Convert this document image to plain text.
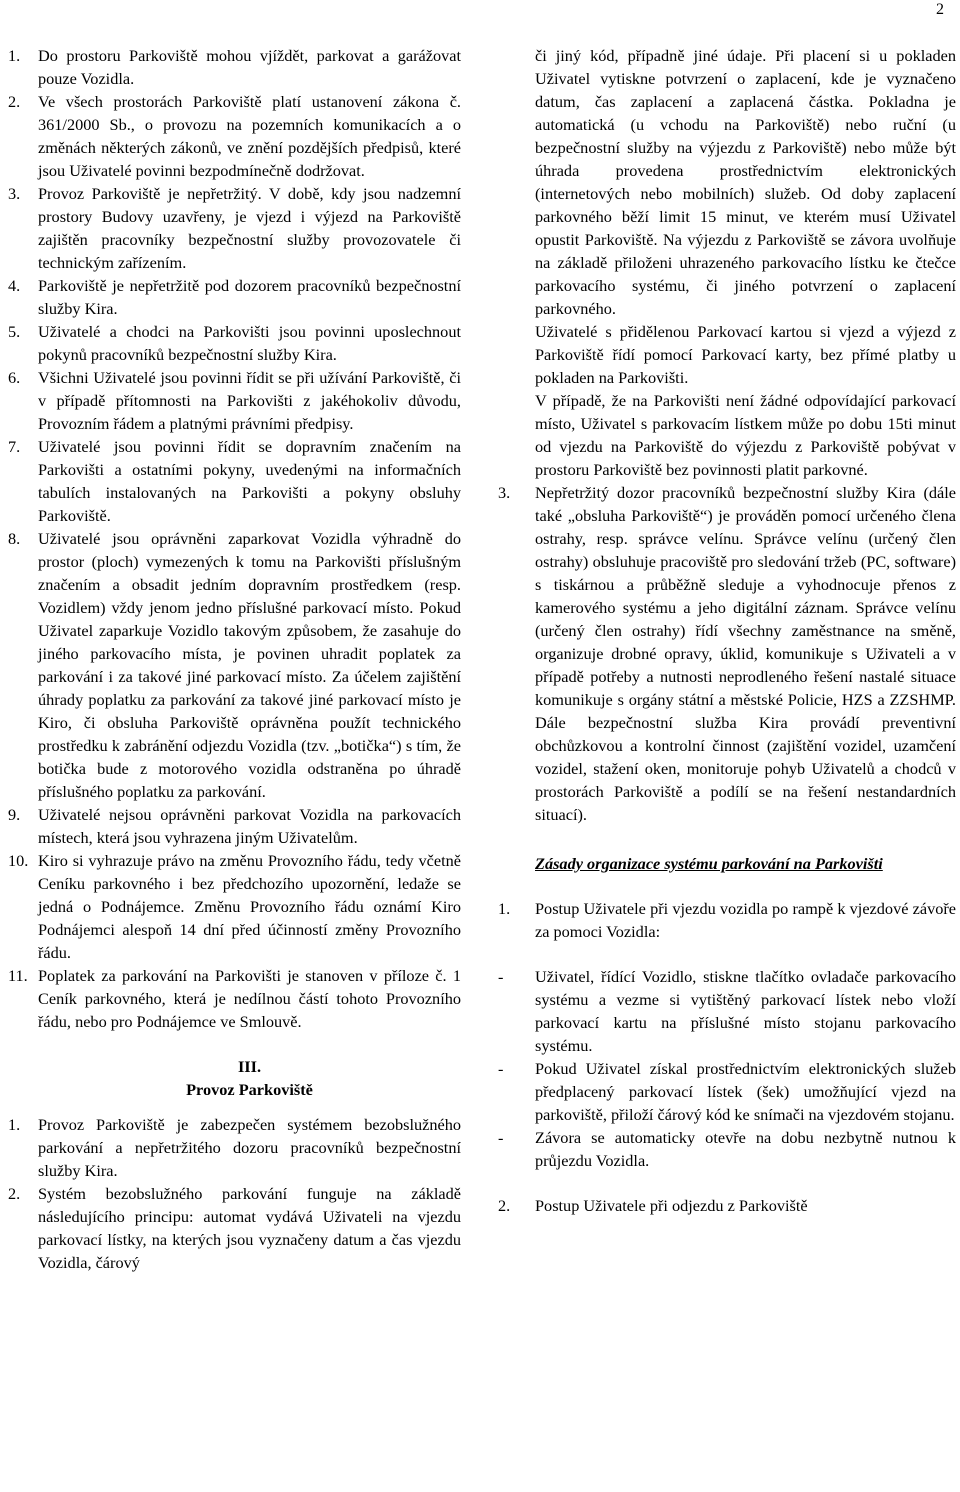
2
1. Do prostoru Parkoviště mohou vjíždět, parkovat a garážovat pouze Vozidla.
2. Ve všech prostorách Parkoviště platí ustanovení zákona č. 361/2000 Sb., o provozu na pozemních komunikacích a o změnách některých zákonů, ve znění pozdějších předpisů, které jsou Uživatelé povinni bezpodmínečně dodržovat.
3. Provoz Parkoviště je nepřetržitý. V době, kdy jsou nadzemní prostory Budovy uzavřeny, je vjezd i výjezd na Parkoviště zajištěn pracovníky bezpečnostní služby provozovatele či technickým zařízením.
4. Parkoviště je nepřetržitě pod dozorem pracovníků bezpečnostní služby Kira.
5. Uživatelé a chodci na Parkovišti jsou povinni uposlechnout pokynů pracovníků bezpečnostní služby Kira.
6. Všichni Uživatelé jsou povinni řídit se při užívání Parkoviště, či v případě přítomnosti na Parkovišti z jakéhokoliv důvodu, Provozním řádem a platnými právními předpisy.
7. Uživatelé jsou povinni řídit se dopravním značením na Parkovišti a ostatními pokyny, uvedenými na informačních tabulích instalovaných na Parkovišti a pokyny obsluhy Parkoviště.
8. Uživatelé jsou oprávněni zaparkovat Vozidla výhradně do prostor (ploch) vymezených k tomu na Parkovišti příslušným značením a obsadit jedním dopravním prostředkem (resp. Vozidlem) vždy jenom jedno příslušné parkovací místo. Pokud Uživatel zaparkuje Vozidlo takovým způsobem, že zasahuje do jiného parkovacího místa, je povinen uhradit poplatek za parkování i za takové jiné parkovací místo. Za účelem zajištění úhrady poplatku za parkování za takové jiné parkovací místo je Kiro, či obsluha Parkoviště oprávněna použít technického prostředku k zabránění odjezdu Vozidla (tzv. „botička“) s tím, že botička bude z motorového vozidla odstraněna po úhradě příslušného poplatku za parkování.
9. Uživatelé nejsou oprávněni parkovat Vozidla na parkovacích místech, která jsou vyhrazena jiným Uživatelům.
10. Kiro si vyhrazuje právo na změnu Provozního řádu, tedy včetně Ceníku parkovného i bez předchozího upozornění, ledaže se jedná o Podnájemce. Změnu Provozního řádu oznámí Kiro Podnájemci alespoň 14 dní před účinností změny Provozního řádu.
11. Poplatek za parkování na Parkovišti je stanoven v příloze č. 1 Ceník parkovného, která je nedílnou částí tohoto Provozního řádu, nebo pro Podnájemce ve Smlouvě.
III.
Provoz Parkoviště
1. Provoz Parkoviště je zabezpečen systémem bezobslužného parkování a nepřetržitého dozoru pracovníků bezpečnostní služby Kira.
2. Systém bezobslužného parkování funguje na základě následujícího principu: automat vydává Uživateli na vjezdu parkovací lístky, na kterých jsou vyznačeny datum a čas vjezdu Vozidla, čárový
či jiný kód, případně jiné údaje. Při placení si u pokladen Uživatel vytiskne potvrzení o zaplacení, kde je vyznačeno datum, čas zaplacení a zaplacená částka. Pokladna je automatická (u vchodu na Parkoviště) nebo ruční (u bezpečnostní služby na výjezdu z Parkoviště) nebo může být úhrada provedena prostřednictvím elektronických (internetových nebo mobilních) služeb. Od doby zaplacení parkovného běží limit 15 minut, ve kterém musí Uživatel opustit Parkoviště. Na výjezdu z Parkoviště se závora uvolňuje na základě přiloženi uhrazeného parkovacího lístku ke čtečce parkovacího systému, či jiného potvrzení o zaplacení parkovného.
Uživatelé s přidělenou Parkovací kartou si vjezd a výjezd z Parkoviště řídí pomocí Parkovací karty, bez přímé platby u pokladen na Parkovišti.
V případě, že na Parkovišti není žádné odpovídající parkovací místo, Uživatel s parkovacím lístkem může po dobu 15ti minut od vjezdu na Parkoviště do výjezdu z Parkoviště pobývat v prostoru Parkoviště bez povinnosti platit parkovné.
3. Nepřetržitý dozor pracovníků bezpečnostní služby Kira (dále také „obsluha Parkoviště“) je prováděn pomocí určeného člena ostrahy, resp. správce velínu. Správce velínu (určený člen ostrahy) obsluhuje pracoviště pro sledování tržeb (PC, software) s tiskárnou a průběžně sleduje a vyhodnocuje přenos z kamerového systému a jeho digitální záznam. Správce velínu (určený člen ostrahy) řídí všechny zaměstnance na směně, organizuje drobné opravy, úklid, komunikuje s Uživateli a v případě potřeby a nutnosti neprodleného řešení nastalé situace komunikuje s orgány státní a městské Policie, HZS a ZZSHMP. Dále bezpečnostní služba Kira provádí preventivní obchůzkovou a kontrolní činnost (zajištění vozidel, uzamčení vozidel, stažení oken, monitoruje pohyb Uživatelů a chodců v prostorách Parkoviště a podílí se na řešení nestandardních situací).
Zásady organizace systému parkování na Parkovišti
1. Postup Uživatele při vjezdu vozidla po rampě k vjezdové závoře za pomoci Vozidla:
- Uživatel, řídící Vozidlo, stiskne tlačítko ovladače parkovacího systému a vezme si vytištěný parkovací lístek nebo vloží parkovací kartu na příslušné místo stojanu parkovacího systému.
- Pokud Uživatel získal prostřednictvím elektronických služeb předplacený parkovací lístek (šek) umožňující vjezd na parkoviště, přiloží čárový kód ke snímači na vjezdovém stojanu.
- Závora se automaticky otevře na dobu nezbytně nutnou k průjezdu Vozidla.
2. Postup Uživatele při odjezdu z Parkoviště
